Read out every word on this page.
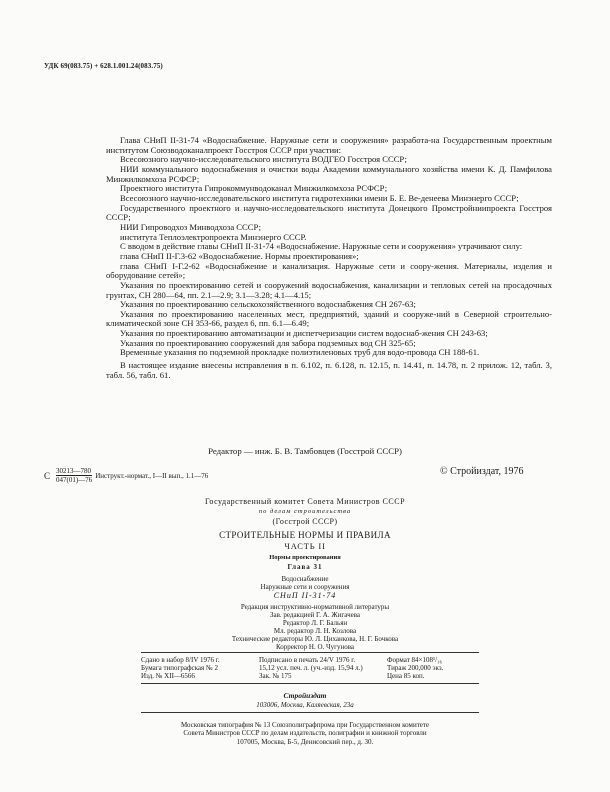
УДК 69(083.75) + 628.1.001.24(083.75)

Глава СНиП II-31-74 «Водоснабжение. Наружные сети и сооружения» разработа-на Государственным проектным институтом Союзводоканалпроект Госстроя СССР при участии:

Всесоюзного научно-исследовательского института ВОДГЕО Госстроя СССР;

НИИ коммунального водоснабжения и очистки воды Академии коммунального хозяйства имени К. Д. Памфилова Минжилкомхоза РСФСР;

Проектного института Гипрокоммунводоканал Минжилкомхоза РСФСР;

Всесоюзного научно-исследовательского института гидротехники имени Б. Е. Ве-денеева Минэнерго СССР;

Государственного проектного и научно-исследовательского института Донецкого Промстройниипроекта Госстроя СССР;

НИИ Гипроводхоз Минводхоза СССР;

института Теплоэлектропроекта Минэнерго СССР.

С вводом в действие главы СНиП II-31-74 «Водоснабжение. Наружные сети и сооружения» утрачивают силу:

глава СНиП II-Г.3-62 «Водоснабжение. Нормы проектирования»;

глава СНиП I-Г.2-62 «Водоснабжение и канализация. Наружные сети и соору-жения. Материалы, изделия и оборудование сетей»;

Указания по проектированию сетей и сооружений водоснабжения, канализации и тепловых сетей на просадочных грунтах, СН 280—64, пп. 2.1—2.9; 3.1—3.28; 4.1—4.15;

Указания по проектированию сельскохозяйственного водоснабжения СН 267-63;

Указания по проектированию населенных мест, предприятий, зданий и сооруже-ний в Северной строительно-климатической зоне СН 353-66, раздел 6, пп. 6.1—6.49;

Указания по проектированию автоматизации и диспетчеризации систем водоснаб-жения СН 243-63;

Указания по проектированию сооружений для забора подземных вод СН 325-65;

Временные указания по подземной прокладке полиэтиленовых труб для водо-провода СН 188-61.

В настоящее издание внесены исправления в п. 6.102, п. 6.128, п. 12.15, п. 14.41, п. 14.78, п. 2 прилож. 12, табл. 3, табл. 56, табл. 61.

Редактор — инж. Б. В. Тамбовцев (Госстрой СССР)
С $\frac{30213—780}{047(01)—76}$ Инструкт.-нормат., I—II вып., 1.1—76	© Стройиздат, 1976
Государственный комитет Совета Министров СССР
по делам строительства
(Госстрой СССР)
СТРОИТЕЛЬНЫЕ НОРМЫ И ПРАВИЛА
ЧАСТЬ II
Нормы проектирования
Глава 31
Водоснабжение
Наружные сети и сооружения
СНиП II-31-74
Редакция инструктивно-нормативной литературы
Зав. редакцией Г. А. Жигачева
Редактор Л. Г. Бальян
Мл. редактор Л. Н. Козлова
Технические редакторы Ю. Л. Циханкова, Н. Г. Бочкова
Корректор Н. О. Чугунова
Сдано в набор 8/IV 1976 г.	Подписано в печать 24/V 1976 г.	Формат 84×108¹/₁₆
Бумага типографская № 2	15,12 усл. печ. л. (уч.-изд. 15,94 л.)	Тираж 200,000 экз.
Изд. № XII—6566	Зак. № 175	Цена 85 коп.
Стройиздат
103006, Москва, Каляевская, 23а
Московская типография № 13 Союзполиграфпрома при Государственном комитете
Совета Министров СССР по делам издательств, полиграфии и книжной торговли
107005, Москва, Б-5, Денисовский пер., д. 30.
